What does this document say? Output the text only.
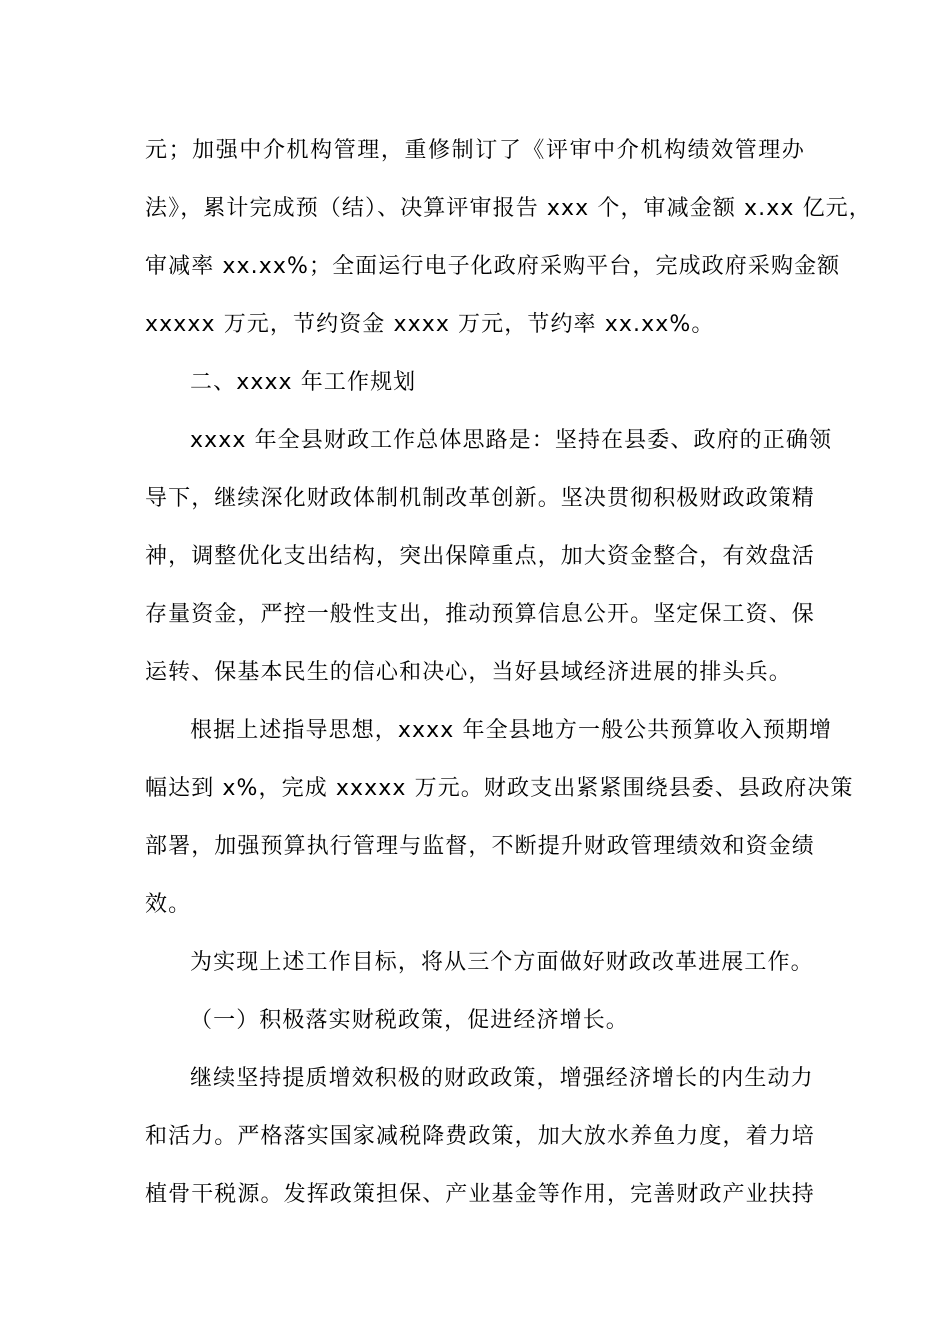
元；加强中介机构管理，重修制订了《评审中介机构绩效管理办
法》，累计完成预（结）、决算评审报告 xxx 个，审减金额 x.xx 亿元，
审减率 xx.xx%；全面运行电子化政府采购平台，完成政府采购金额
xxxxx 万元，节约资金 xxxx 万元，节约率 xx.xx%。
二、xxxx 年工作规划
xxxx 年全县财政工作总体思路是：坚持在县委、政府的正确领
导下，继续深化财政体制机制改革创新。坚决贯彻积极财政政策精
神，调整优化支出结构，突出保障重点，加大资金整合，有效盘活
存量资金，严控一般性支出，推动预算信息公开。坚定保工资、保
运转、保基本民生的信心和决心，当好县域经济进展的排头兵。
根据上述指导思想，xxxx 年全县地方一般公共预算收入预期增
幅达到 x%，完成 xxxxx 万元。财政支出紧紧围绕县委、县政府决策
部署，加强预算执行管理与监督，不断提升财政管理绩效和资金绩
效。
为实现上述工作目标，将从三个方面做好财政改革进展工作。
（一）积极落实财税政策，促进经济增长。
继续坚持提质增效积极的财政政策，增强经济增长的内生动力
和活力。严格落实国家减税降费政策，加大放水养鱼力度，着力培
植骨干税源。发挥政策担保、产业基金等作用，完善财政产业扶持
